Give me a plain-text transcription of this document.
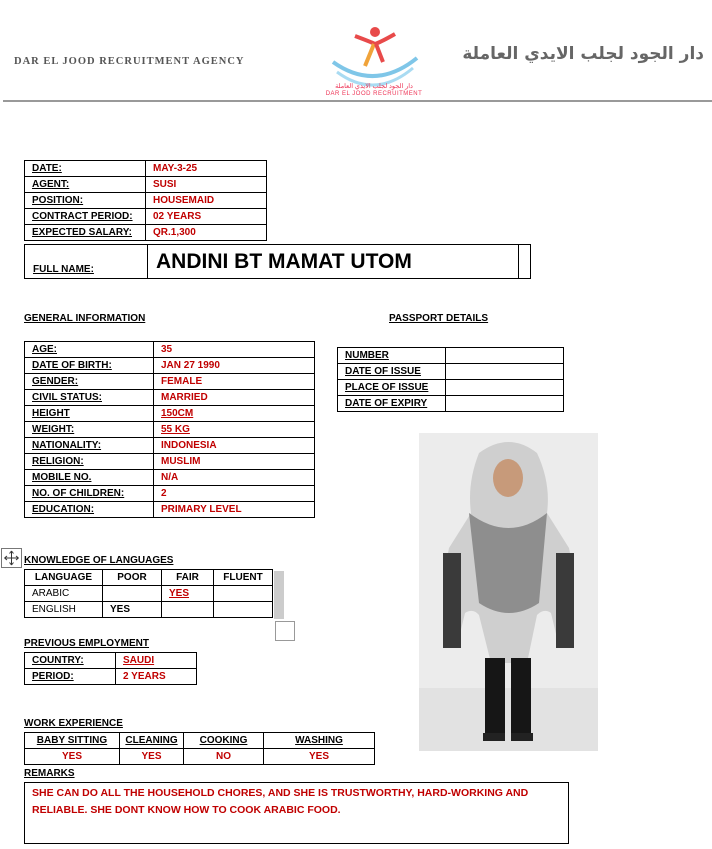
DAR EL JOOD RECRUITMENT AGENCY
دار الجود لجلب الايدي العاملة
DAR EL JOOD RECRUITMENT
دار الجود لجلب الايدي العاملة
DATE:	MAY-3-25
AGENT:	SUSI
POSITION:	HOUSEMAID
CONTRACT PERIOD:	02 YEARS
EXPECTED SALARY:	QR.1,300
FULL NAME:	ANDINI BT MAMAT UTOM
GENERAL INFORMATION
AGE:	35
DATE OF BIRTH:	JAN 27 1990
GENDER:	FEMALE
CIVIL STATUS:	MARRIED
HEIGHT	150CM
WEIGHT:	55 KG
NATIONALITY:	INDONESIA
RELIGION:	MUSLIM
MOBILE NO.	N/A
NO. OF CHILDREN:	2
EDUCATION:	PRIMARY LEVEL
PASSPORT DETAILS
NUMBER	
DATE OF ISSUE	
PLACE OF ISSUE	
DATE OF EXPIRY	
KNOWLEDGE OF LANGUAGES
LANGUAGE	POOR	FAIR	FLUENT
ARABIC		YES	
ENGLISH	YES		
PREVIOUS EMPLOYMENT
COUNTRY:	SAUDI
PERIOD:	2 YEARS
WORK EXPERIENCE
BABY SITTING	CLEANING	COOKING	WASHING
YES	YES	NO	YES
REMARKS
SHE CAN DO ALL THE HOUSEHOLD CHORES, AND SHE IS TRUSTWORTHY, HARD-WORKING AND RELIABLE. SHE DONT KNOW HOW TO COOK ARABIC FOOD.
